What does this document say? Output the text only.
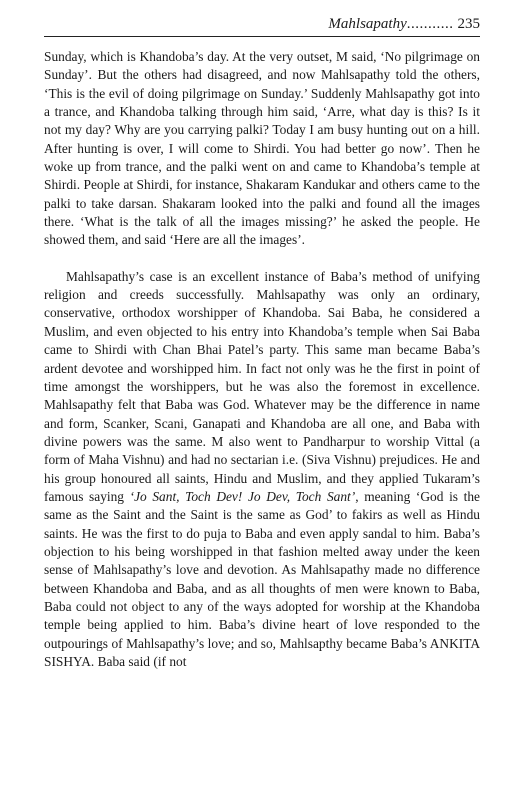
Mahlsapathy ........... 235

Sunday, which is Khandoba’s day. At the very outset, M said, ‘No pilgrimage on Sunday’. But the others had disagreed, and now Mahlsapathy told the others, ‘This is the evil of doing pilgrimage on Sunday.’ Suddenly Mahlsapathy got into a trance, and Khandoba talking through him said, ‘Arre, what day is this? Is it not my day? Why are you carrying palki? Today I am busy hunting out on a hill. After hunting is over, I will come to Shirdi. You had better go now’. Then he woke up from trance, and the palki went on and came to Khandoba’s temple at Shirdi. People at Shirdi, for instance, Shakaram Kandukar and others came to the palki to take darsan. Shakaram looked into the palki and found all the images there. ‘What is the talk of all the images missing?’ he asked the people. He showed them, and said ‘Here are all the images’.

Mahlsapathy’s case is an excellent instance of Baba’s method of unifying religion and creeds successfully. Mahlsapathy was only an ordinary, conservative, orthodox worshipper of Khandoba. Sai Baba, he considered a Muslim, and even objected to his entry into Khandoba’s temple when Sai Baba came to Shirdi with Chan Bhai Patel’s party. This same man became Baba’s ardent devotee and worshipped him. In fact not only was he the first in point of time amongst the worshippers, but he was also the foremost in excellence. Mahlsapathy felt that Baba was God. Whatever may be the difference in name and form, Scanker, Scani, Ganapati and Khandoba are all one, and Baba with divine powers was the same. M also went to Pandharpur to worship Vittal (a form of Maha Vishnu) and had no sectarian i.e. (Siva Vishnu) prejudices. He and his group honoured all saints, Hindu and Muslim, and they applied Tukaram’s famous saying ‘Jo Sant, Toch Dev! Jo Dev, Toch Sant’, meaning ‘God is the same as the Saint and the Saint is the same as God’ to fakirs as well as Hindu saints. He was the first to do puja to Baba and even apply sandal to him. Baba’s objection to his being worshipped in that fashion melted away under the keen sense of Mahlsapathy’s love and devotion. As Mahlsapathy made no difference between Khandoba and Baba, and as all thoughts of men were known to Baba, Baba could not object to any of the ways adopted for worship at the Khandoba temple being applied to him. Baba’s divine heart of love responded to the outpourings of Mahlsapathy’s love; and so, Mahlsapthy became Baba’s ANKITA SISHYA. Baba said (if not
